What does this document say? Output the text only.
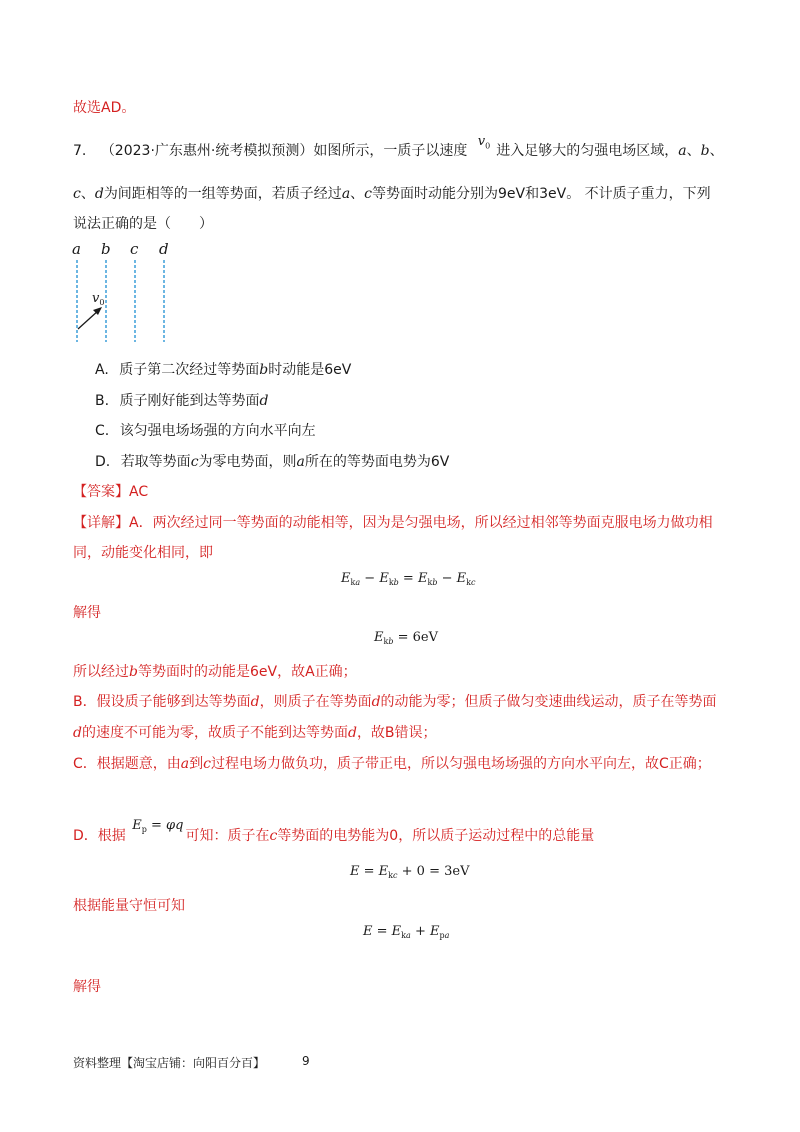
故选AD。
7. （2023·广东惠州·统考模拟预测）如图所示，一质子以速度 $v_0$ 进入足够大的匀强电场区域，a、b、
c、d为间距相等的一组等势面，若质子经过a、c等势面时动能分别为9eV和3eV。 不计质子重力，下列
说法正确的是（　　）
a b c d
$v_0$
A. 质子第二次经过等势面b时动能是6eV
B. 质子刚好能到达等势面d
C. 该匀强电场场强的方向水平向左
D. 若取等势面c为零电势面，则a所在的等势面电势为6V
【答案】AC
【详解】A．两次经过同一等势面的动能相等，因为是匀强电场，所以经过相邻等势面克服电场力做功相
同，动能变化相同，即
$E_{ka} - E_{kb} = E_{kb} - E_{kc}$
解得
$E_{kb} = 6eV$
所以经过b等势面时的动能是6eV，故A正确；
B．假设质子能够到达等势面d，则质子在等势面d的动能为零；但质子做匀变速曲线运动，质子在等势面
d的速度不可能为零，故质子不能到达等势面d，故B错误；
C．根据题意，由a到c过程电场力做负功，质子带正电，所以匀强电场场强的方向水平向左，故C正确；
D．根据 $E_p = \varphi q$可知：质子在c等势面的电势能为0，所以质子运动过程中的总能量
$E = E_{kc} + 0 = 3eV$
根据能量守恒可知
$E = E_{ka} + E_{pa}$
解得
资料整理【淘宝店铺：向阳百分百】	9
